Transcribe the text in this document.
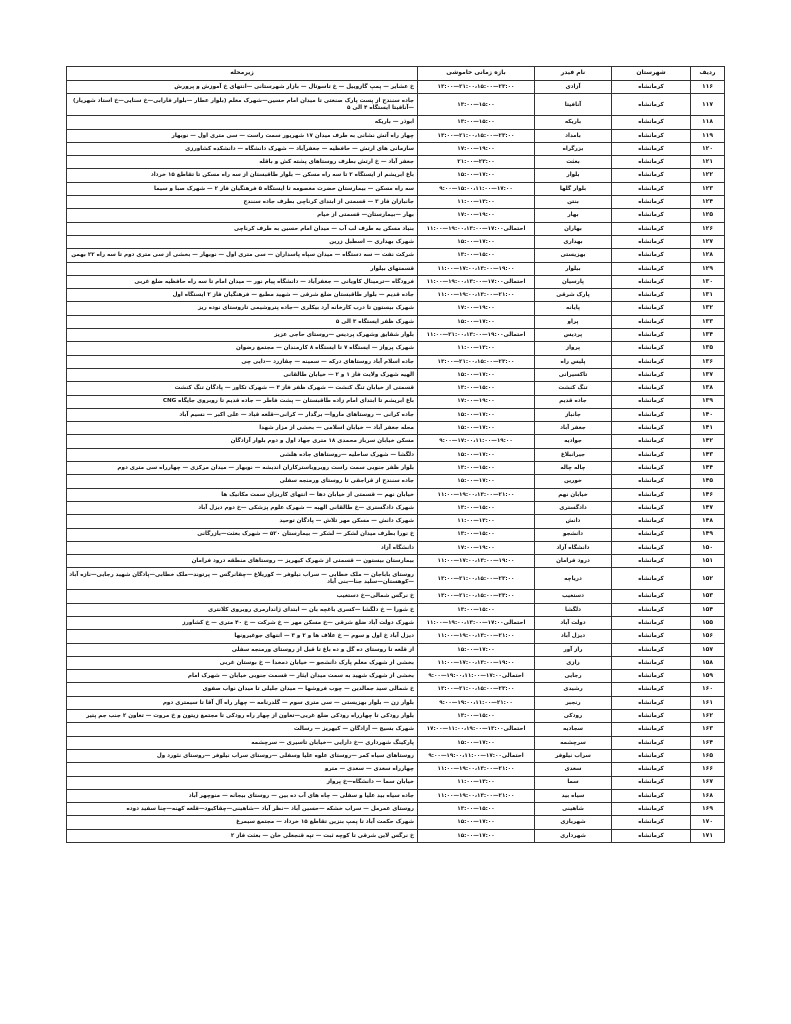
ردیف	شهرستان	نام فیدر	بازه زمانی خاموشی	زیرمحله
۱۱۶	کرمانشاه	آزادی	۲۳:۰۰—۲۱:۰۰،۱۵:۰۰—۱۳:۰۰	خ عشایر — پمپ گازوییل — خ تاسوتال — بازار شهرستانی —انتهای خ آموزش و پرورش
۱۱۷	کرمانشاه	آنافیتا	۱۵:۰۰—۱۳:۰۰	جاده سنندج از پست پارک صنعتی تا میدان امام حسین—شهرک معلم (بلوار عطار —بلوار فارابی—خ سنایی—خ استاد شهریار) —آنافیتا ایستگاه ۴ الی ۵
۱۱۸	کرمانشاه	باریکه	۱۵:۰۰—۱۳:۰۰	ابوذر — باریکه
۱۱۹	کرمانشاه	بامداد	۲۳:۰۰—۲۱:۰۰،۱۵:۰۰—۱۳:۰۰	چهار راه آتش نشانی به طرف میدان ۱۷ شهریور سمت راست — سی متری اول — نوبهار
۱۲۰	کرمانشاه	بزرگراه	۱۹:۰۰—۱۷:۰۰	سازمانی های ارتش — حافظیه — جعفرآباد — شهرک دانشگاه — دانشکده کشاورزی
۱۲۱	کرمانشاه	بعثت	۲۳:۰۰—۲۱:۰۰	جعفر آباد — خ ارتش بطرف روستاهای پشته کش و باقله
۱۲۲	کرمانشاه	بلوار	۱۷:۰۰—۱۵:۰۰	باغ ابریشم از ایستگاه ۲ تا سه راه مسکن — بلوار طاقبستان از سه راه مسکن تا تقاطع ۱۵ خرداد
۱۲۳	کرمانشاه	بلوار گلها	۱۷:۰۰—۱۵:۰۰،۱۱:۰۰—۹:۰۰	سه راه مسکن — بیمارستان حضرت معصومه تا ایستگاه ۵ فرهنگیان فاز ۲ — شهرک صبا و سیما
۱۲۴	کرمانشاه	بنتن	۱۳:۰۰—۱۱:۰۰	جانبازان فاز ۳ — قسمتی از ابتدای کرناچی بطرف جاده سنندج
۱۲۵	کرمانشاه	بهار	۱۹:۰۰—۱۷:۰۰	بهار —بیمارستان— قسمتی از خیام
۱۲۶	کرمانشاه	بهاران	احتمالی۱۷:۰۰—۱۹:۰۰،۱۳:۰۰—۱۱:۰۰	بنیاد مسکن به طرف لب آب — میدان امام حسین به طرف کرناچی
۱۲۷	کرمانشاه	بهداری	۱۷:۰۰—۱۵:۰۰	شهرک بهداری — اسطبل زرین
۱۲۸	کرمانشاه	بهزیستی	۱۵:۰۰—۱۳:۰۰	شرکت نفت — سه دستگاه — میدان سپاه پاسداران — سی متری اول — نوبهار — بخشی از سی متری دوم تا سه راه ۲۲ بهمن
۱۲۹	کرمانشاه	بیلوار	۱۹:۰۰—۱۷:۰۰،۱۳:۰۰—۱۱:۰۰	قسمتهای بیلوار
۱۳۰	کرمانشاه	پارسیان	احتمالی۱۷:۰۰—۱۹:۰۰،۱۳:۰۰—۱۱:۰۰	فرودگاه —ترمینال کاویانی — جعفرآباد — دانشگاه پیام نور — میدان امام تا سه راه حافظیه ضلع غربی
۱۳۱	کرمانشاه	پارک شرقی	۲۱:۰۰—۱۹:۰۰،۱۳:۰۰—۱۱:۰۰	جاده قدیم — بلوار طاقبستان ضلع شرقی — شهید مطبع — فرهنگیان فاز ۲ ایستگاه اول
۱۳۲	کرمانشاه	پایانه	۱۹:۰۰—۱۷:۰۰	شهرک بیستون تا درب کارخانه آرد بیکلری —جاده پتروشیمی تاروستای نوده ریز
۱۳۳	کرمانشاه	پراو	۱۷:۰۰—۱۵:۰۰	شهرک ظفر ایستگاه ۳ الی ۵
۱۳۴	کرمانشاه	پردیس	احتمالی۱۹:۰۰—۲۱:۰۰،۱۳:۰۰—۱۱:۰۰	بلوار شقایق وشهرک پردیس —روستای حاجی عزیز
۱۳۵	کرمانشاه	پرواز	۱۳:۰۰—۱۱:۰۰	شهرک پرواز — ایستگاه ۷ تا ایستگاه ۸ کارمندان — مجتمع رضوان
۱۳۶	کرمانشاه	پلیس راه	۲۳:۰۰—۲۱:۰۰،۱۵:۰۰—۱۳:۰۰	جاده اسلام آباد روستاهای درکه — سمینه — چقازرد —دایی چی
۱۳۷	کرمانشاه	تاکسیرانی	۱۷:۰۰—۱۵:۰۰	الهیه شهرک ولایت فاز ۱ و ۲ — خیابان طالقانی
۱۳۸	کرمانشاه	تنگ کنشت	۱۵:۰۰—۱۳:۰۰	قسمتی از خیابان تنگ کنشت — شهرک ظفر فاز ۳ — شهرک تکاور — پادگان تنگ کنشت
۱۳۹	کرمانشاه	جاده قدیم	۱۹:۰۰—۱۷:۰۰	باغ ابریشم تا ابتدای امام زاده طاقبستان — پشت فاطر — جاده قدیم تا روبروی جایگاه CNG
۱۴۰	کرمانشاه	جانباز	۱۷:۰۰—۱۵:۰۰	جاده کرانی — روستاهای ماروا— برگدار — کرانی—قلعه قباد — علی اکبر — نسیم آباد
۱۴۱	کرمانشاه	جعفر آباد	۱۷:۰۰—۱۵:۰۰	محله جعفر آباد — خیابان اسلامی — بخشی از مزار شهدا
۱۴۲	کرمانشاه	جوادیه	۱۹:۰۰—۱۷:۰۰،۱۱:۰۰—۹:۰۰	مسکن خیابان سرباز محمدی ۱۸ متری جهاد اول و دوم بلوار آزادگان
۱۴۳	کرمانشاه	جیرانبلاغ	۱۷:۰۰—۱۵:۰۰	دلگشا — شهرک ساحلیه —روستاهای جاده هلشی
۱۴۴	کرمانشاه	چاله چاله	۱۵:۰۰—۱۳:۰۰	بلوار ظفر جنوبی سمت راست روبروباسترکاران اندیشه — نوبهار — میدان مرکزی — چهارراه سی متری دوم
۱۴۵	کرمانشاه	خورین	۱۷:۰۰—۱۵:۰۰	جاده سنندج از قراجقی تا روستای ورمنجه سفلی
۱۴۶	کرمانشاه	خیابان نهم	۲۱:۰۰—۱۹:۰۰،۱۳:۰۰—۱۱:۰۰	خیابان نهم — قسمتی از خیابان دها — انتهای کاریزان سمت مکانیک ها
۱۴۷	کرمانشاه	دادگستری	۱۵:۰۰—۱۳:۰۰	شهرک دادگستری —خ طالقانی الهیه — شهرک علوم پزشکی —خ دوم دیزل آباد
۱۴۸	کرمانشاه	دانش	۱۳:۰۰—۱۱:۰۰	شهرک دانش — مسکن مهر تلاش — پادگان توحید
۱۴۹	کرمانشاه	دانشجو	۱۵:۰۰—۱۳:۰۰	خ نورا بطرف میدان لشکر — لشکر — بیمارستان ۵۲۰ — شهرک بعثت—بازرگانی
۱۵۰	کرمانشاه	دانشگاه آزاد	۱۹:۰۰—۱۷:۰۰	دانشگاه آزاد
۱۵۱	کرمانشاه	درود فرامان	۱۹:۰۰—۱۷:۰۰،۱۳:۰۰—۱۱:۰۰	بیمارستان بیستون — قسمتی از شهرک کیهریز — روستاهای منطقه درود فرامان
۱۵۲	کرمانشاه	دریاچه	۲۳:۰۰—۲۱:۰۰،۱۵:۰۰—۱۳:۰۰	روستای باباجان — ملک خطابی — سراب نیلوفر — کوریلاغ —چقانرگس — پرتوند—ملک خطابی—پادگان شهید رجایی—نازه آباد—کوهستان—سلید جنا—بنی آباد
۱۵۳	کرمانشاه	دستغیب	۲۳:۰۰—۲۱:۰۰،۱۵:۰۰—۱۳:۰۰	خ نرگس شمالی—خ دستغیب
۱۵۴	کرمانشاه	دلگشا	۱۵:۰۰—۱۳:۰۰	خ شورا — خ دلگشا —کسری باغچه بان — ابتدای ژاندارمری روبروی کلانتری
۱۵۵	کرمانشاه	دولت آباد	احتمالی۱۷:۰۰—۱۹:۰۰،۱۳:۰۰—۱۱:۰۰	شهرک دولت آباد ضلع شرقی —خ مسکن مهر — خ شرکت — خ ۴۰ متری — خ کشاورز
۱۵۶	کرمانشاه	دیزل آباد	۲۱:۰۰—۱۹:۰۰،۱۳:۰۰—۱۱:۰۰	دیزل آباد خ اول و سوم — خ علاف ها و ۲ و ۳ — انتهای جوغیرونها
۱۵۷	کرمانشاه	راز آور	۱۷:۰۰—۱۵:۰۰	از قلعه تا روستای ده گل و ده باغ تا قبل از روستای ورمنجه سفلی
۱۵۸	کرمانشاه	رازی	۱۹:۰۰—۱۷:۰۰،۱۳:۰۰—۱۱:۰۰	بخشی از شهرک معلم پارک دانشجو — خیابان دمخدا — خ بوستان غربی
۱۵۹	کرمانشاه	رجایی	احتمالی۱۷:۰۰—۱۹:۰۰،۱۱:۰۰—۹:۰۰	بخشی از شهرک شهید به سمت میدان ایثار — قسمت جنوبی خیابان — شهرک امام
۱۶۰	کرمانشاه	رشیدی	۲۳:۰۰—۲۱:۰۰،۱۵:۰۰—۱۳:۰۰	خ شمالی سید جمالدین — چوب فروشها — میدان جلیلی تا میدان نواب صفوی
۱۶۱	کرمانشاه	رنجبر	۲۱:۰۰—۱۹:۰۰،۱۱:۰۰—۹:۰۰	بلوار زن — بلوار بهزیستی — سی متری سوم — گلدرنامه — چهار راه آل آقا تا سیمتری دوم
۱۶۲	کرمانشاه	رودکی	۱۵:۰۰—۱۳:۰۰	بلوار رودکی تا چهارراه رودکی ضلع غربی—تعاون از چهار راه رودکی تا مجتمع زیتون و خ مروت — تعاون ۲ جنب جم پتیر
۱۶۳	کرمانشاه	سجادیه	احتمالی۱۳:۰۰—۱۱:۰۰،۱۹:۰۰—۱۷:۰۰	شهرک بسیج — آزادگان — کیهریز — رسالت
۱۶۴	کرمانشاه	سرچشمه	۱۷:۰۰—۱۵:۰۰	پارکینگ شهرداری —خ دارایی —خیابان تاسیری — سرچشمه
۱۶۵	کرمانشاه	سراب نیلوفر	احتمالی۱۷:۰۰—۱۹:۰۰،۱۱:۰۰—۹:۰۰	روستاهای سیاه کمر —روستای علوه علیا وسفلی —روستای سراب نیلوفر —روستای نئورد ول
۱۶۶	کرمانشاه	سعدی	۲۱:۰۰—۱۹:۰۰،۱۳:۰۰—۱۱:۰۰	چهارراه سعدی — سعدی — مترو
۱۶۷	کرمانشاه	سما	۱۳:۰۰—۱۱:۰۰	خیابان سما — دانشگاه—خ پرواز
۱۶۸	کرمانشاه	سیاه بید	۲۱:۰۰—۱۹:۰۰،۱۳:۰۰—۱۱:۰۰	جاده سیاه بید علیا و سفلی — چاه های آب ده بین — روستای بیجانه — منوچهر آباد
۱۶۹	کرمانشاه	شاهینی	۱۵:۰۰—۱۳:۰۰	روستای عمرمل — سراب خشکه —حسین آباد —نظر آباد —شاهینی—چقاکبود—قلعه کهنه—چنا سفید دوده
۱۷۰	کرمانشاه	شهربازی	۱۷:۰۰—۱۵:۰۰	شهرک حکمت آباد تا پمپ بنزین تقاطع ۱۵ خرداد — مجتمع سیمرغ
۱۷۱	کرمانشاه	شهرداری	۱۷:۰۰—۱۵:۰۰	خ نرگس لاین شرقی تا کوچه ثبت — تپه قنجعلی خان — بعثت فاز ۲
